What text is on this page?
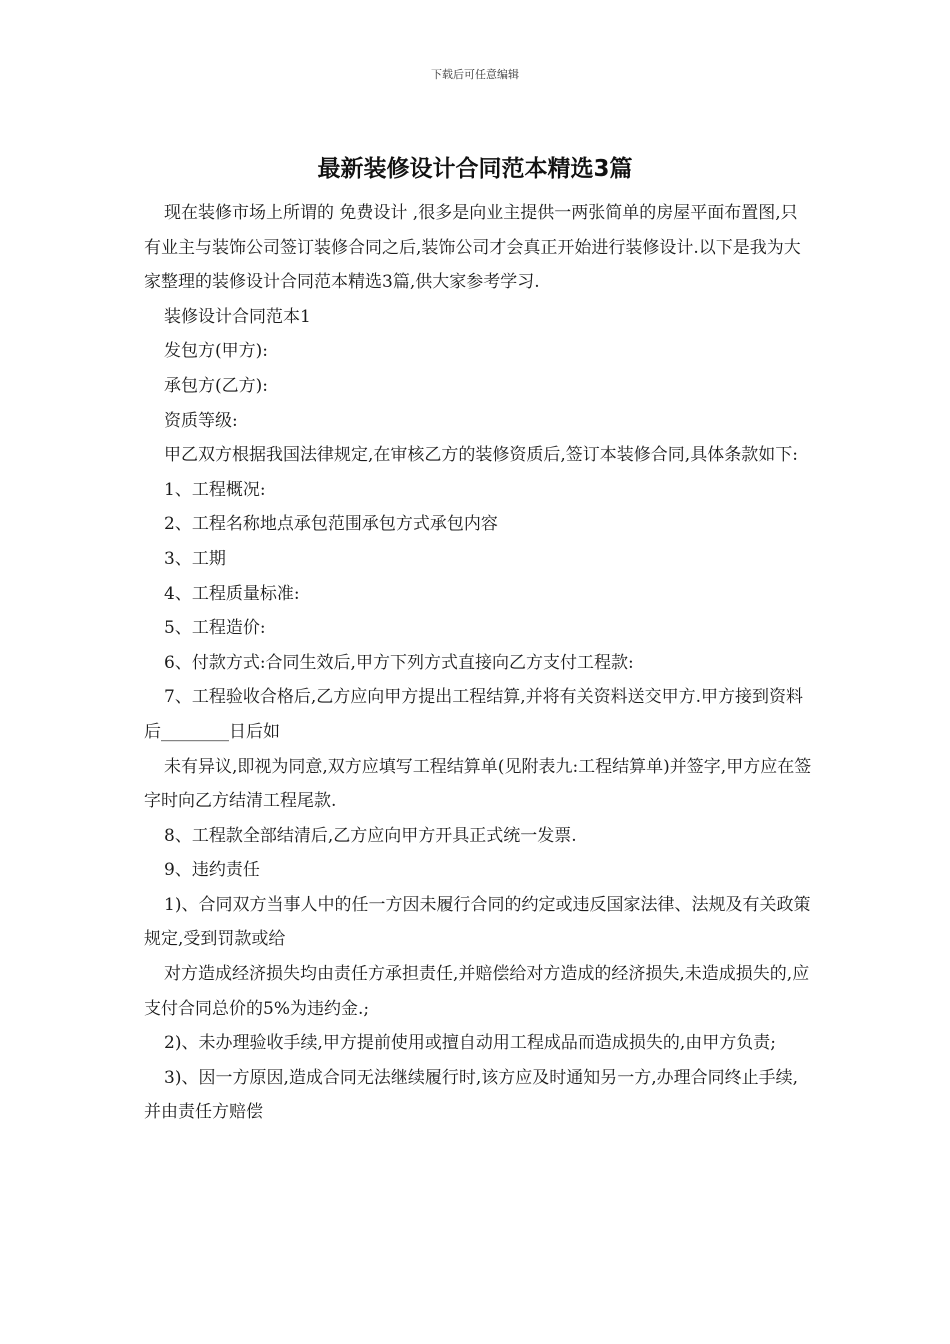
下载后可任意编辑
最新装修设计合同范本精选3篇

现在装修市场上所谓的 免费设计 ,很多是向业主提供一两张简单的房屋平面布置图,只有业主与装饰公司签订装修合同之后,装饰公司才会真正开始进行装修设计.以下是我为大家整理的装修设计合同范本精选3篇,供大家参考学习.

装修设计合同范本1

发包方(甲方):

承包方(乙方):

资质等级:

甲乙双方根据我国法律规定,在审核乙方的装修资质后,签订本装修合同,具体条款如下:

1、工程概况:

2、工程名称地点承包范围承包方式承包内容

3、工期

4、工程质量标准:

5、工程造价:

6、付款方式:合同生效后,甲方下列方式直接向乙方支付工程款:

7、工程验收合格后,乙方应向甲方提出工程结算,并将有关资料送交甲方.甲方接到资料后________日后如

未有异议,即视为同意,双方应填写工程结算单(见附表九:工程结算单)并签字,甲方应在签字时向乙方结清工程尾款.

8、工程款全部结清后,乙方应向甲方开具正式统一发票.

9、违约责任

1)、合同双方当事人中的任一方因未履行合同的约定或违反国家法律、法规及有关政策规定,受到罚款或给

对方造成经济损失均由责任方承担责任,并赔偿给对方造成的经济损失,未造成损失的,应支付合同总价的5%为违约金.;

2)、未办理验收手续,甲方提前使用或擅自动用工程成品而造成损失的,由甲方负责;

3)、因一方原因,造成合同无法继续履行时,该方应及时通知另一方,办理合同终止手续,并由责任方赔偿
